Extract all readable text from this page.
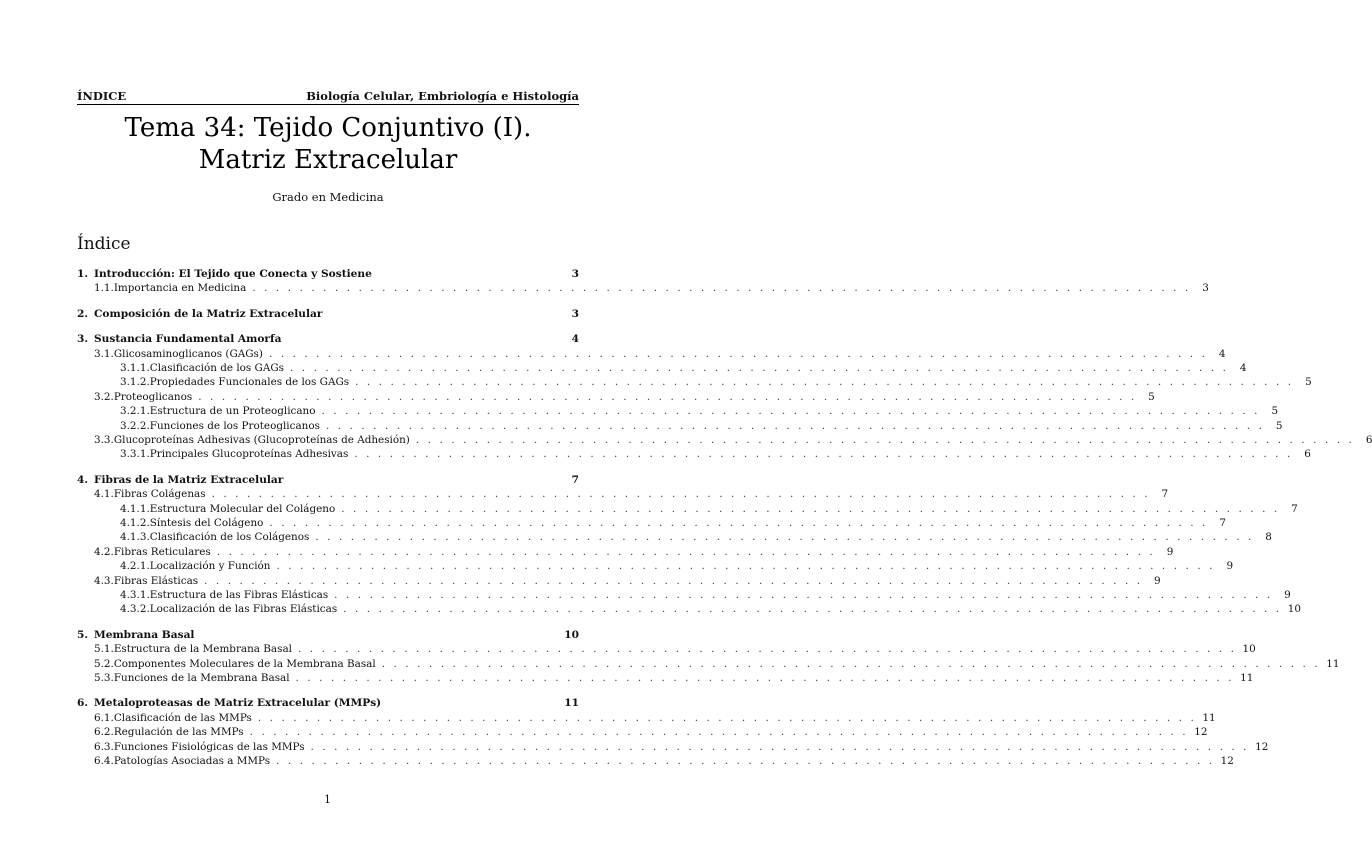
ÍNDICE	Biología Celular, Embriología e Histología
Tema 34: Tejido Conjuntivo (I).
Matriz Extracelular
Grado en Medicina
Índice
1. Introducción: El Tejido que Conecta y Sostiene	3
1.1. Importancia en Medicina . . . . . . . . . . . . . . . . . . . . . . . . . . . . . . . . . . . . . . . . . . . . . . . . . . . . . . . . . . . . . . . . . . . . . . . . . . . . . . . .	3
2. Composición de la Matriz Extracelular	3
3. Sustancia Fundamental Amorfa	4
3.1. Glicosaminoglicanos (GAGs) . . . . . . . . . . . . . . . . . . . . . . . . . . . . . . . . . . . . . . . . . . . . . . . . . . . . . . . . . . . . . . . . . . . . . . . . . . . . . . . .	4
3.1.1. Clasificación de los GAGs . . . . . . . . . . . . . . . . . . . . . . . . . . . . . . . . . . . . . . . . . . . . . . . . . . . . . . . . . . . . . . . . . . . . . . . . . . . . . . . .	4
3.1.2. Propiedades Funcionales de los GAGs . . . . . . . . . . . . . . . . . . . . . . . . . . . . . . . . . . . . . . . . . . . . . . . . . . . . . . . . . . . . . . . . . . . . . . . . . . . . . . . .	5
3.2. Proteoglicanos . . . . . . . . . . . . . . . . . . . . . . . . . . . . . . . . . . . . . . . . . . . . . . . . . . . . . . . . . . . . . . . . . . . . . . . . . . . . . . . .	5
3.2.1. Estructura de un Proteoglicano . . . . . . . . . . . . . . . . . . . . . . . . . . . . . . . . . . . . . . . . . . . . . . . . . . . . . . . . . . . . . . . . . . . . . . . . . . . . . . . .	5
3.2.2. Funciones de los Proteoglicanos . . . . . . . . . . . . . . . . . . . . . . . . . . . . . . . . . . . . . . . . . . . . . . . . . . . . . . . . . . . . . . . . . . . . . . . . . . . . . . . .	5
3.3. Glucoproteínas Adhesivas (Glucoproteínas de Adhesión) . . . . . . . . . . . . . . . . . . . . . . . . . . . . . . . . . . . . . . . . . . . . . . . . . . . . . . . . . . . . . . . . . . . . . . . . . . . . . . . .	6
3.3.1. Principales Glucoproteínas Adhesivas . . . . . . . . . . . . . . . . . . . . . . . . . . . . . . . . . . . . . . . . . . . . . . . . . . . . . . . . . . . . . . . . . . . . . . . . . . . . . . . .	6
4. Fibras de la Matriz Extracelular	7
4.1. Fibras Colágenas . . . . . . . . . . . . . . . . . . . . . . . . . . . . . . . . . . . . . . . . . . . . . . . . . . . . . . . . . . . . . . . . . . . . . . . . . . . . . . . .	7
4.1.1. Estructura Molecular del Colágeno . . . . . . . . . . . . . . . . . . . . . . . . . . . . . . . . . . . . . . . . . . . . . . . . . . . . . . . . . . . . . . . . . . . . . . . . . . . . . . . .	7
4.1.2. Síntesis del Colágeno . . . . . . . . . . . . . . . . . . . . . . . . . . . . . . . . . . . . . . . . . . . . . . . . . . . . . . . . . . . . . . . . . . . . . . . . . . . . . . . .	7
4.1.3. Clasificación de los Colágenos . . . . . . . . . . . . . . . . . . . . . . . . . . . . . . . . . . . . . . . . . . . . . . . . . . . . . . . . . . . . . . . . . . . . . . . . . . . . . . . .	8
4.2. Fibras Reticulares . . . . . . . . . . . . . . . . . . . . . . . . . . . . . . . . . . . . . . . . . . . . . . . . . . . . . . . . . . . . . . . . . . . . . . . . . . . . . . . .	9
4.2.1. Localización y Función . . . . . . . . . . . . . . . . . . . . . . . . . . . . . . . . . . . . . . . . . . . . . . . . . . . . . . . . . . . . . . . . . . . . . . . . . . . . . . . .	9
4.3. Fibras Elásticas . . . . . . . . . . . . . . . . . . . . . . . . . . . . . . . . . . . . . . . . . . . . . . . . . . . . . . . . . . . . . . . . . . . . . . . . . . . . . . . .	9
4.3.1. Estructura de las Fibras Elásticas . . . . . . . . . . . . . . . . . . . . . . . . . . . . . . . . . . . . . . . . . . . . . . . . . . . . . . . . . . . . . . . . . . . . . . . . . . . . . . . .	9
4.3.2. Localización de las Fibras Elásticas . . . . . . . . . . . . . . . . . . . . . . . . . . . . . . . . . . . . . . . . . . . . . . . . . . . . . . . . . . . . . . . . . . . . . . . . . . . . . . . . 10
5. Membrana Basal	10
5.1. Estructura de la Membrana Basal . . . . . . . . . . . . . . . . . . . . . . . . . . . . . . . . . . . . . . . . . . . . . . . . . . . . . . . . . . . . . . . . . . . . . . . . . . . . . . . . 10
5.2. Componentes Moleculares de la Membrana Basal . . . . . . . . . . . . . . . . . . . . . . . . . . . . . . . . . . . . . . . . . . . . . . . . . . . . . . . . . . . . . . . . . . . . . . . . . . . . . . . . 11
5.3. Funciones de la Membrana Basal . . . . . . . . . . . . . . . . . . . . . . . . . . . . . . . . . . . . . . . . . . . . . . . . . . . . . . . . . . . . . . . . . . . . . . . . . . . . . . . . 11
6. Metaloproteasas de Matriz Extracelular (MMPs)	11
6.1. Clasificación de las MMPs . . . . . . . . . . . . . . . . . . . . . . . . . . . . . . . . . . . . . . . . . . . . . . . . . . . . . . . . . . . . . . . . . . . . . . . . . . . . . . . . 11
6.2. Regulación de las MMPs . . . . . . . . . . . . . . . . . . . . . . . . . . . . . . . . . . . . . . . . . . . . . . . . . . . . . . . . . . . . . . . . . . . . . . . . . . . . . . . . 12
6.3. Funciones Fisiológicas de las MMPs . . . . . . . . . . . . . . . . . . . . . . . . . . . . . . . . . . . . . . . . . . . . . . . . . . . . . . . . . . . . . . . . . . . . . . . . . . . . . . . . 12
6.4. Patologías Asociadas a MMPs . . . . . . . . . . . . . . . . . . . . . . . . . . . . . . . . . . . . . . . . . . . . . . . . . . . . . . . . . . . . . . . . . . . . . . . . . . . . . . . . 12
1
